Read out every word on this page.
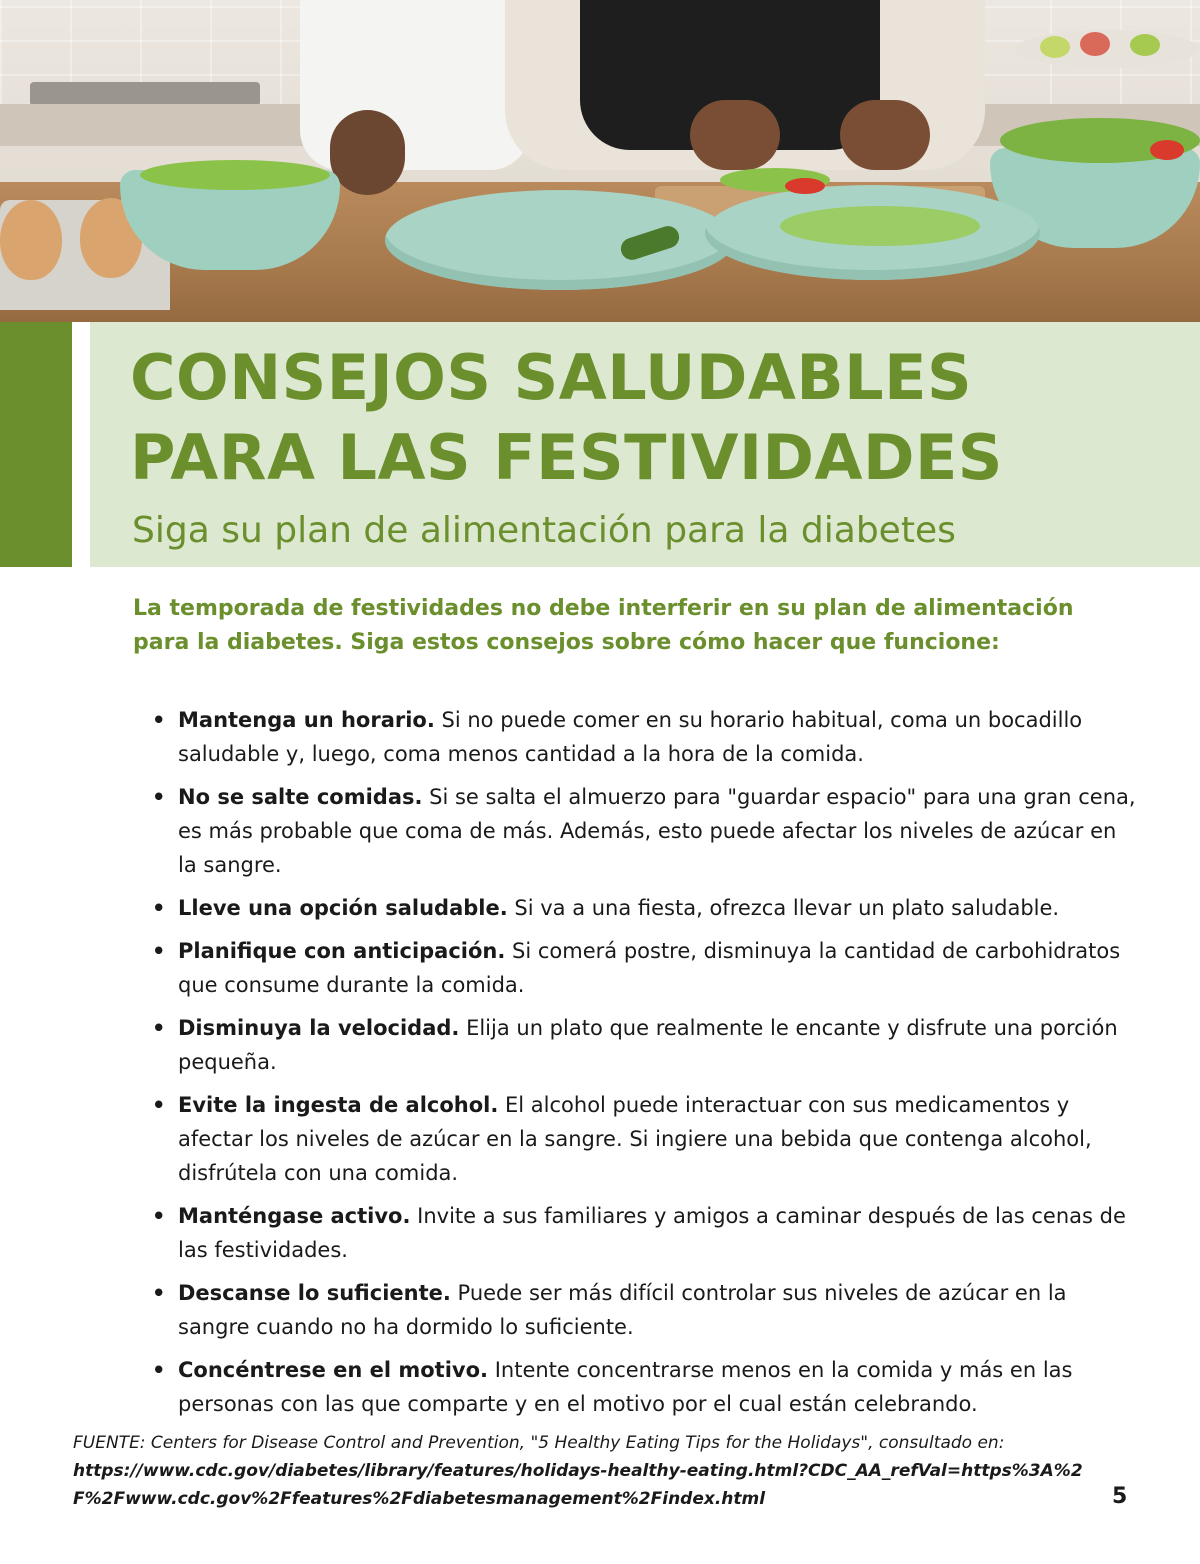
CONSEJOS SALUDABLES
PARA LAS FESTIVIDADES

Siga su plan de alimentación para la diabetes

La temporada de festividades no debe interferir en su plan de alimentación para la diabetes. Siga estos consejos sobre cómo hacer que funcione:

• Mantenga un horario. Si no puede comer en su horario habitual, coma un bocadillo saludable y, luego, coma menos cantidad a la hora de la comida.
• No se salte comidas. Si se salta el almuerzo para "guardar espacio" para una gran cena, es más probable que coma de más. Además, esto puede afectar los niveles de azúcar en la sangre.
• Lleve una opción saludable. Si va a una fiesta, ofrezca llevar un plato saludable.
• Planifique con anticipación. Si comerá postre, disminuya la cantidad de carbohidratos que consume durante la comida.
• Disminuya la velocidad. Elija un plato que realmente le encante y disfrute una porción pequeña.
• Evite la ingesta de alcohol. El alcohol puede interactuar con sus medicamentos y afectar los niveles de azúcar en la sangre. Si ingiere una bebida que contenga alcohol, disfrútela con una comida.
• Manténgase activo. Invite a sus familiares y amigos a caminar después de las cenas de las festividades.
• Descanse lo suficiente. Puede ser más difícil controlar sus niveles de azúcar en la sangre cuando no ha dormido lo suficiente.
• Concéntrese en el motivo. Intente concentrarse menos en la comida y más en las personas con las que comparte y en el motivo por el cual están celebrando.

FUENTE: Centers for Disease Control and Prevention, "5 Healthy Eating Tips for the Holidays", consultado en:
https://www.cdc.gov/diabetes/library/features/holidays-healthy-eating.html?CDC_AA_refVal=https%3A%2F%2Fwww.cdc.gov%2Ffeatures%2Fdiabetesmanagement%2Findex.html	5
